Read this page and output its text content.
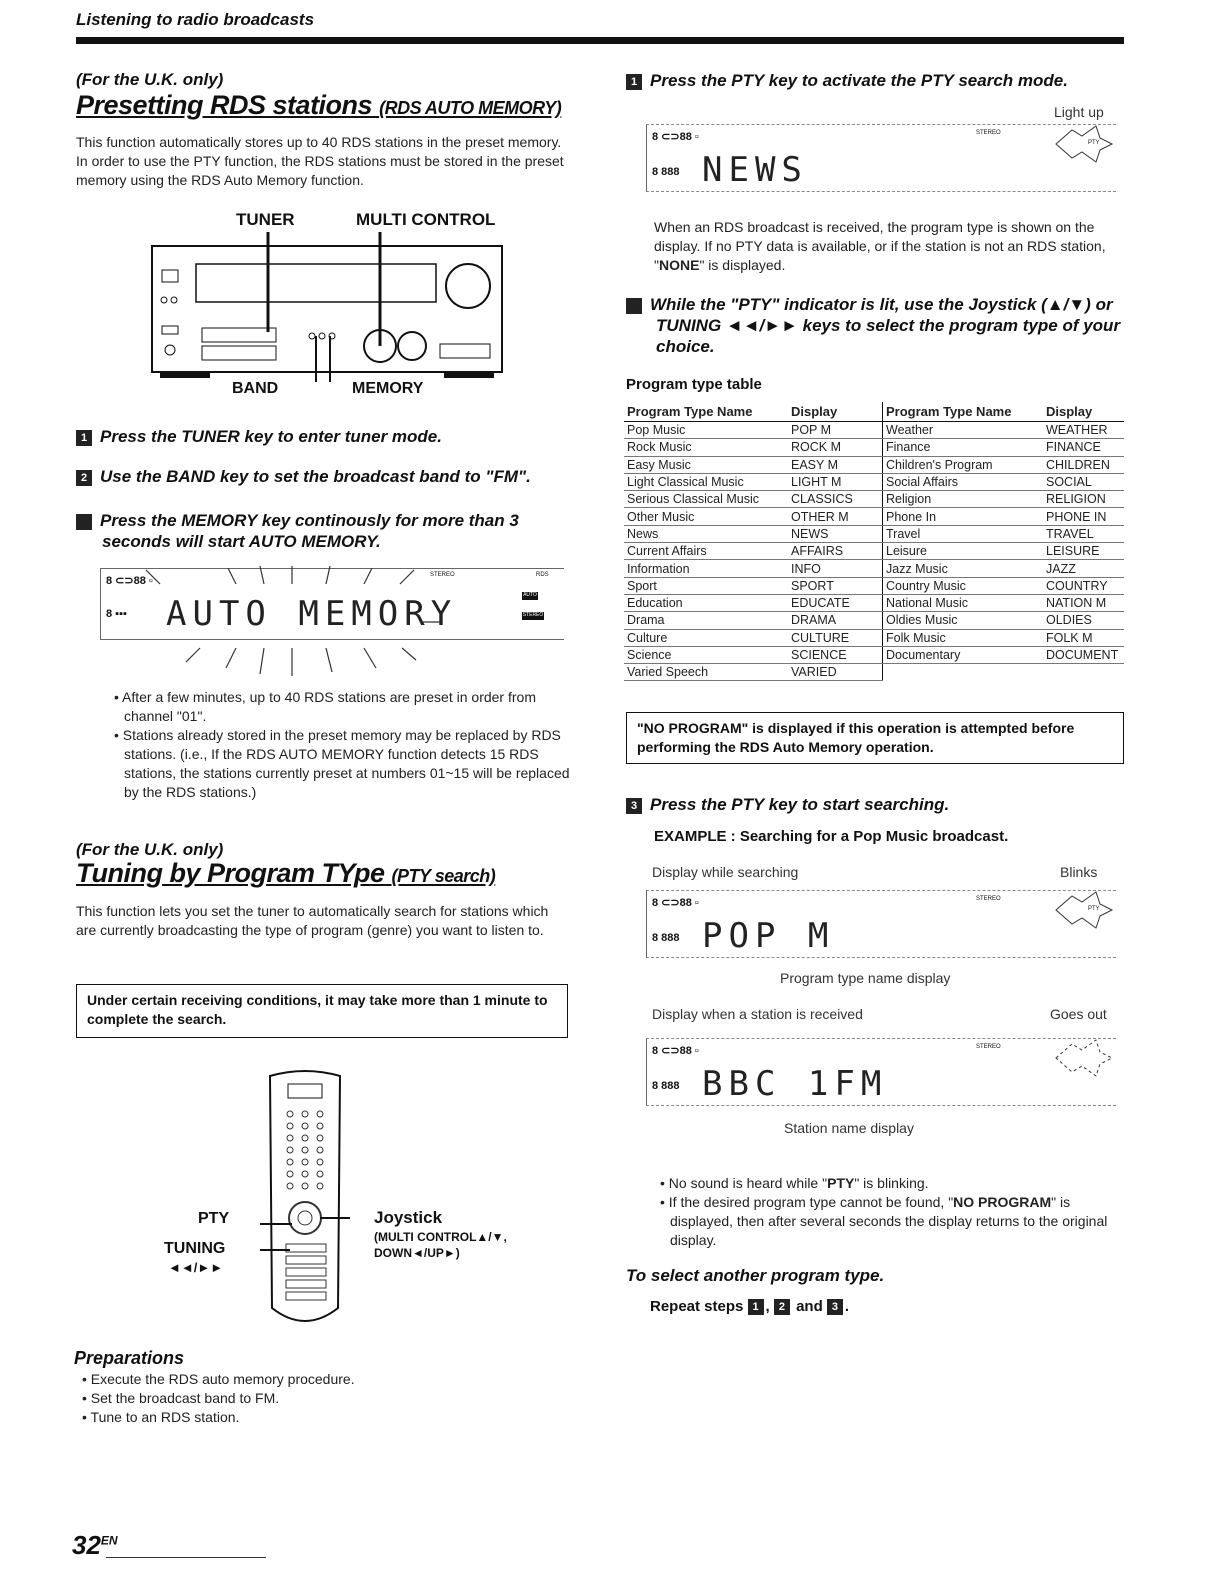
Listening to radio broadcasts
(For the U.K. only)
Presetting RDS stations (RDS AUTO MEMORY)
This function automatically stores up to 40 RDS stations in the preset memory. In order to use the PTY function, the RDS stations must be stored in the preset memory using the RDS Auto Memory function.
TUNER	MULTI CONTROL
BAND	MEMORY
1 Press the TUNER key to enter tuner mode.
2 Use the BAND key to set the broadcast band to "FM".
3 Press the MEMORY key continously for more than 3 seconds will start AUTO MEMORY.
8 ⊂⊃88 ▫	STEREO	RDS
AUTO
STEREO
8 ▪▪▪ AUTO MEMORY
• After a few minutes, up to 40 RDS stations are preset in order from channel "01".
• Stations already stored in the preset memory may be replaced by RDS stations. (i.e., If the RDS AUTO MEMORY function detects 15 RDS stations, the stations currently preset at numbers 01~15 will be replaced by the RDS stations.)
(For the U.K. only)
Tuning by Program TYpe (PTY search)
This function lets you set the tuner to automatically search for stations which are currently broadcasting the type of program (genre) you want to listen to.
Under certain receiving conditions, it may take more than 1 minute to complete the search.
PTY
TUNING
◄◄/►►
Joystick
(MULTI CONTROL▲/▼,
DOWN◄/UP►)
Preparations
• Execute the RDS auto memory procedure.
• Set the broadcast band to FM.
• Tune to an RDS station.
$32^{EN}$
1 Press the PTY key to activate the PTY search mode.
Light up
8 ⊂⊃88 ▫
8 888
STEREO
NEWS
PTY
When an RDS broadcast is received, the program type is shown on the display. If no PTY data is available, or if the station is not an RDS station, "NONE" is displayed.
2 While the "PTY" indicator is lit, use the Joystick (▲/▼) or TUNING ◄◄/►► keys to select the program type of your choice.
Program type table
Program Type Name	Display	Program Type Name	Display
Pop Music	POP M	Weather	WEATHER
Rock Music	ROCK M	Finance	FINANCE
Easy Music	EASY M	Children's Program	CHILDREN
Light Classical Music	LIGHT M	Social Affairs	SOCIAL
Serious Classical Music	CLASSICS	Religion	RELIGION
Other Music	OTHER M	Phone In	PHONE IN
News	NEWS	Travel	TRAVEL
Current Affairs	AFFAIRS	Leisure	LEISURE
Information	INFO	Jazz Music	JAZZ
Sport	SPORT	Country Music	COUNTRY
Education	EDUCATE	National Music	NATION M
Drama	DRAMA	Oldies Music	OLDIES
Culture	CULTURE	Folk Music	FOLK M
Science	SCIENCE	Documentary	DOCUMENT
Varied Speech	VARIED		
"NO PROGRAM" is displayed if this operation is attempted before performing the RDS Auto Memory operation.
3 Press the PTY key to start searching.
EXAMPLE : Searching for a Pop Music broadcast.
Display while searching	Blinks
8 ⊂⊃88 ▫
8 888
STEREO
POP M
PTY
Program type name display
Display when a station is received	Goes out
8 ⊂⊃88 ▫
8 888
STEREO
BBC 1FM
Station name display
• No sound is heard while "PTY" is blinking.
• If the desired program type cannot be found, "NO PROGRAM" is displayed, then after several seconds the display returns to the original display.
To select another program type.
Repeat steps 1 , 2 and 3 .
